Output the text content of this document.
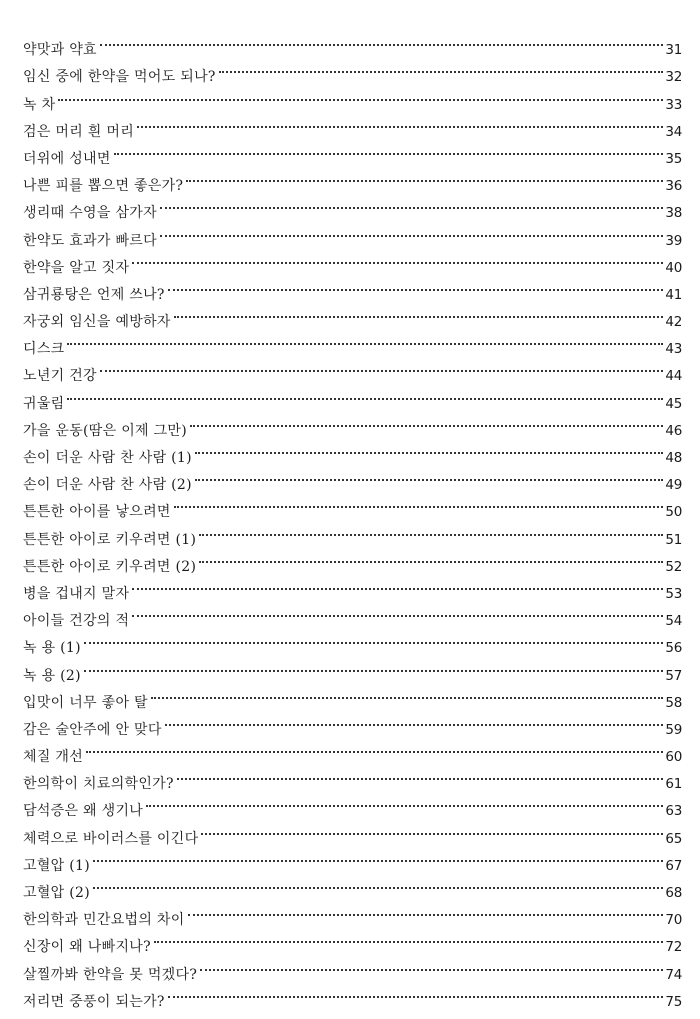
약맛과 약효	31
임신 중에 한약을 먹어도 되나?	32
녹 차	33
검은 머리 흰 머리	34
더위에 성내면	35
나쁜 피를 뽑으면 좋은가?	36
생리때 수영을 삼가자	38
한약도 효과가 빠르다	39
한약을 알고 짓자	40
삼귀룡탕은 언제 쓰나?	41
자궁외 임신을 예방하자	42
디스크	43
노년기 건강	44
귀울림	45
가을 운동(땀은 이제 그만)	46
손이 더운 사람 찬 사람 (1)	48
손이 더운 사람 찬 사람 (2)	49
튼튼한 아이를 낳으려면	50
튼튼한 아이로 키우려면 (1)	51
튼튼한 아이로 키우려면 (2)	52
병을 겁내지 말자	53
아이들 건강의 적	54
녹 용 (1)	56
녹 용 (2)	57
입맛이 너무 좋아 탈	58
감은 술안주에 안 맞다	59
체질 개선	60
한의학이 치료의학인가?	61
담석증은 왜 생기나	63
체력으로 바이러스를 이긴다	65
고혈압 (1)	67
고혈압 (2)	68
한의학과 민간요법의 차이	70
신장이 왜 나빠지나?	72
살찔까봐 한약을 못 먹겠다?	74
저리면 중풍이 되는가?	75
